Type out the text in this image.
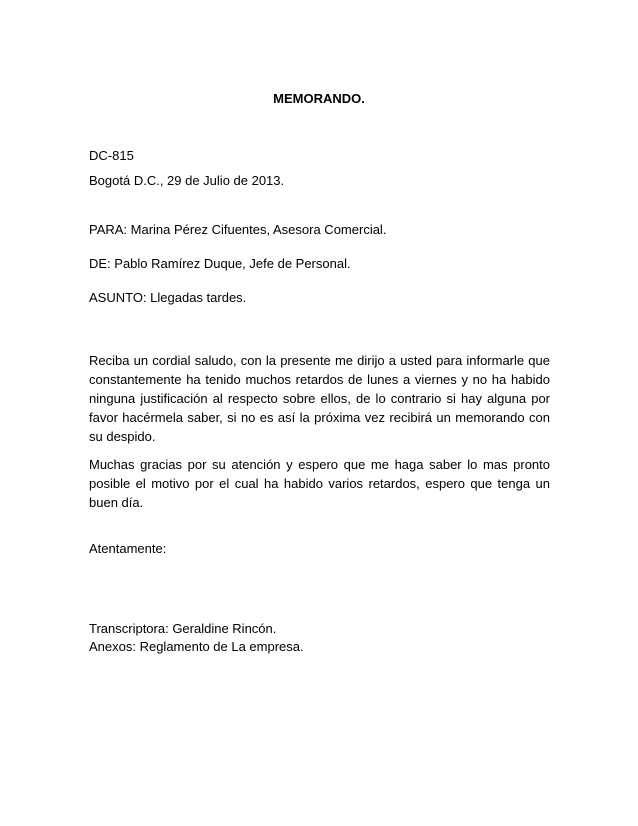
MEMORANDO.
DC-815
Bogotá D.C., 29 de Julio de 2013.
PARA: Marina Pérez Cifuentes, Asesora Comercial.
DE: Pablo Ramírez Duque, Jefe de Personal.
ASUNTO: Llegadas tardes.
Reciba un cordial saludo, con la presente me dirijo a usted para informarle que constantemente ha tenido muchos retardos de lunes a viernes y no ha habido ninguna justificación al respecto sobre ellos, de lo contrario si hay alguna por favor hacérmela saber, si no es así la próxima vez recibirá un memorando con su despido.
Muchas gracias por su atención y espero que me haga saber lo mas pronto posible el motivo por el cual ha habido varios retardos, espero que tenga un buen día.
Atentamente:
Transcriptora: Geraldine Rincón.
Anexos: Reglamento de La empresa.
